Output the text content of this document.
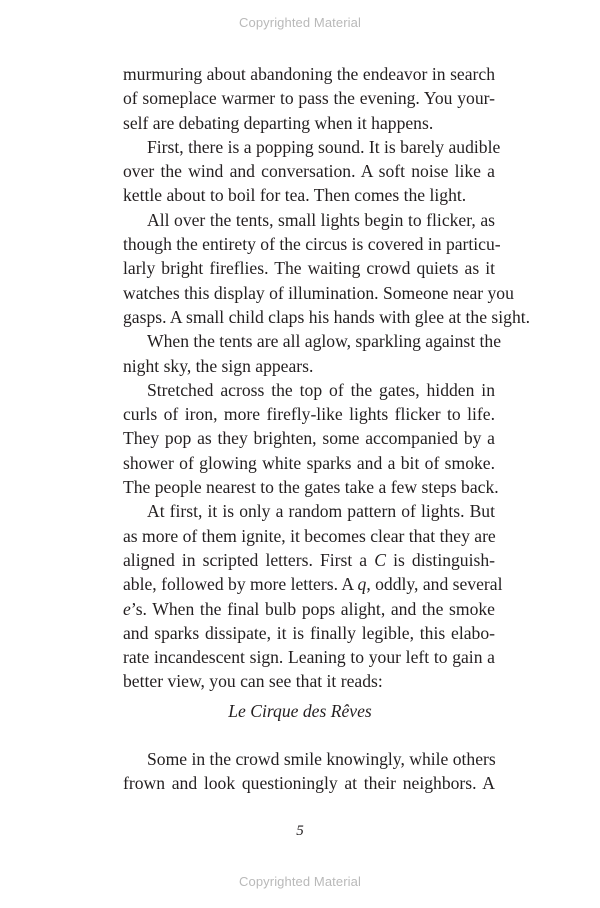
Copyrighted Material
murmuring about abandoning the endeavor in search
of someplace warmer to pass the evening. You your-
self are debating departing when it happens.
First, there is a popping sound. It is barely audible
over the wind and conversation. A soft noise like a
kettle about to boil for tea. Then comes the light.
All over the tents, small lights begin to flicker, as
though the entirety of the circus is covered in particu-
larly bright fireflies. The waiting crowd quiets as it
watches this display of illumination. Someone near you
gasps. A small child claps his hands with glee at the sight.
When the tents are all aglow, sparkling against the
night sky, the sign appears.
Stretched across the top of the gates, hidden in
curls of iron, more firefly-like lights flicker to life.
They pop as they brighten, some accompanied by a
shower of glowing white sparks and a bit of smoke.
The people nearest to the gates take a few steps back.
At first, it is only a random pattern of lights. But
as more of them ignite, it becomes clear that they are
aligned in scripted letters. First a C is distinguish-
able, followed by more letters. A q, oddly, and several
e’s. When the final bulb pops alight, and the smoke
and sparks dissipate, it is finally legible, this elabo-
rate incandescent sign. Leaning to your left to gain a
better view, you can see that it reads:
Le Cirque des Rêves
Some in the crowd smile knowingly, while others
frown and look questioningly at their neighbors. A
5
Copyrighted Material
